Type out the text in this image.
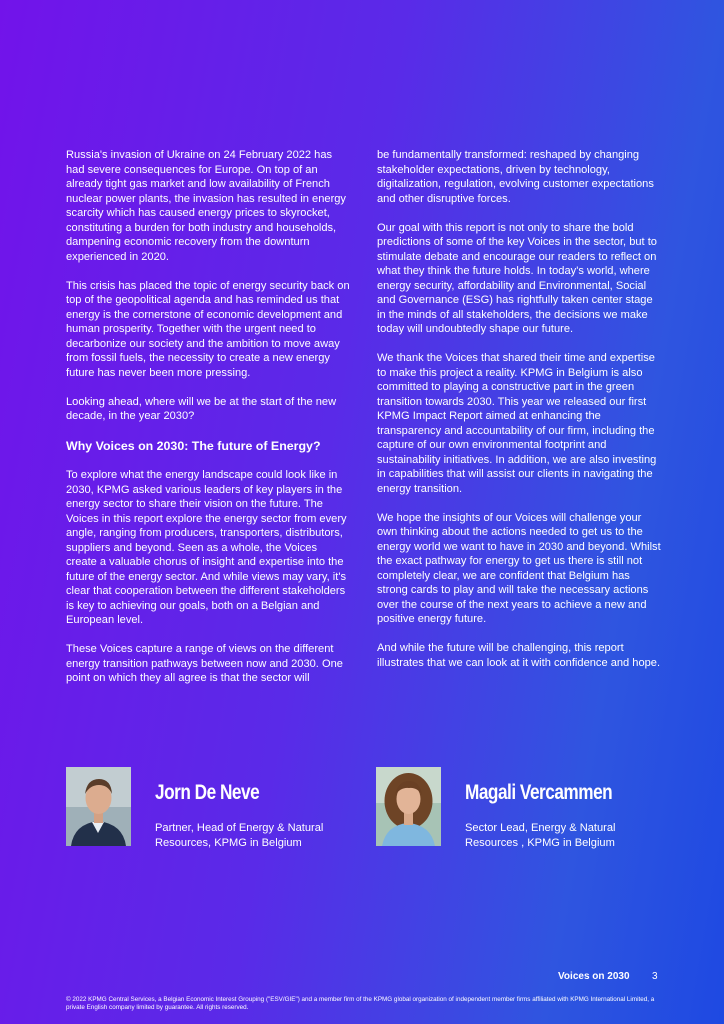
Russia's invasion of Ukraine on 24 February 2022 has had severe consequences for Europe. On top of an already tight gas market and low availability of French nuclear power plants, the invasion has resulted in energy scarcity which has caused energy prices to skyrocket, constituting a burden for both industry and households, dampening economic recovery from the downturn experienced in 2020.

This crisis has placed the topic of energy security back on top of the geopolitical agenda and has reminded us that energy is the cornerstone of economic development and human prosperity. Together with the urgent need to decarbonize our society and the ambition to move away from fossil fuels, the necessity to create a new energy future has never been more pressing.

Looking ahead, where will we be at the start of the new decade, in the year 2030?

Why Voices on 2030: The future of Energy?

To explore what the energy landscape could look like in 2030, KPMG asked various leaders of key players in the energy sector to share their vision on the future. The Voices in this report explore the energy sector from every angle, ranging from producers, transporters, distributors, suppliers and beyond. Seen as a whole, the Voices create a valuable chorus of insight and expertise into the future of the energy sector. And while views may vary, it's clear that cooperation between the different stakeholders is key to achieving our goals, both on a Belgian and European level.

These Voices capture a range of views on the different energy transition pathways between now and 2030. One point on which they all agree is that the sector will

be fundamentally transformed: reshaped by changing stakeholder expectations, driven by technology, digitalization, regulation, evolving customer expectations and other disruptive forces.

Our goal with this report is not only to share the bold predictions of some of the key Voices in the sector, but to stimulate debate and encourage our readers to reflect on what they think the future holds. In today's world, where energy security, affordability and Environmental, Social and Governance (ESG) has rightfully taken center stage in the minds of all stakeholders, the decisions we make today will undoubtedly shape our future.

We thank the Voices that shared their time and expertise to make this project a reality. KPMG in Belgium is also committed to playing a constructive part in the green transition towards 2030. This year we released our first KPMG Impact Report aimed at enhancing the transparency and accountability of our firm, including the capture of our own environmental footprint and sustainability initiatives. In addition, we are also investing in capabilities that will assist our clients in navigating the energy transition.

We hope the insights of our Voices will challenge your own thinking about the actions needed to get us to the energy world we want to have in 2030 and beyond. Whilst the exact pathway for energy to get us there is still not completely clear, we are confident that Belgium has strong cards to play and will take the necessary actions over the course of the next years to achieve a new and positive energy future.

And while the future will be challenging, this report illustrates that we can look at it with confidence and hope.

Jorn De Neve
Partner, Head of Energy & Natural Resources, KPMG in Belgium
Magali Vercammen
Sector Lead, Energy & Natural Resources , KPMG in Belgium
Voices on 2030 3
© 2022 KPMG Central Services, a Belgian Economic Interest Grouping ("ESV/GIE") and a member firm of the KPMG global organization of independent member firms affiliated with KPMG International Limited, a private English company limited by guarantee. All rights reserved.
